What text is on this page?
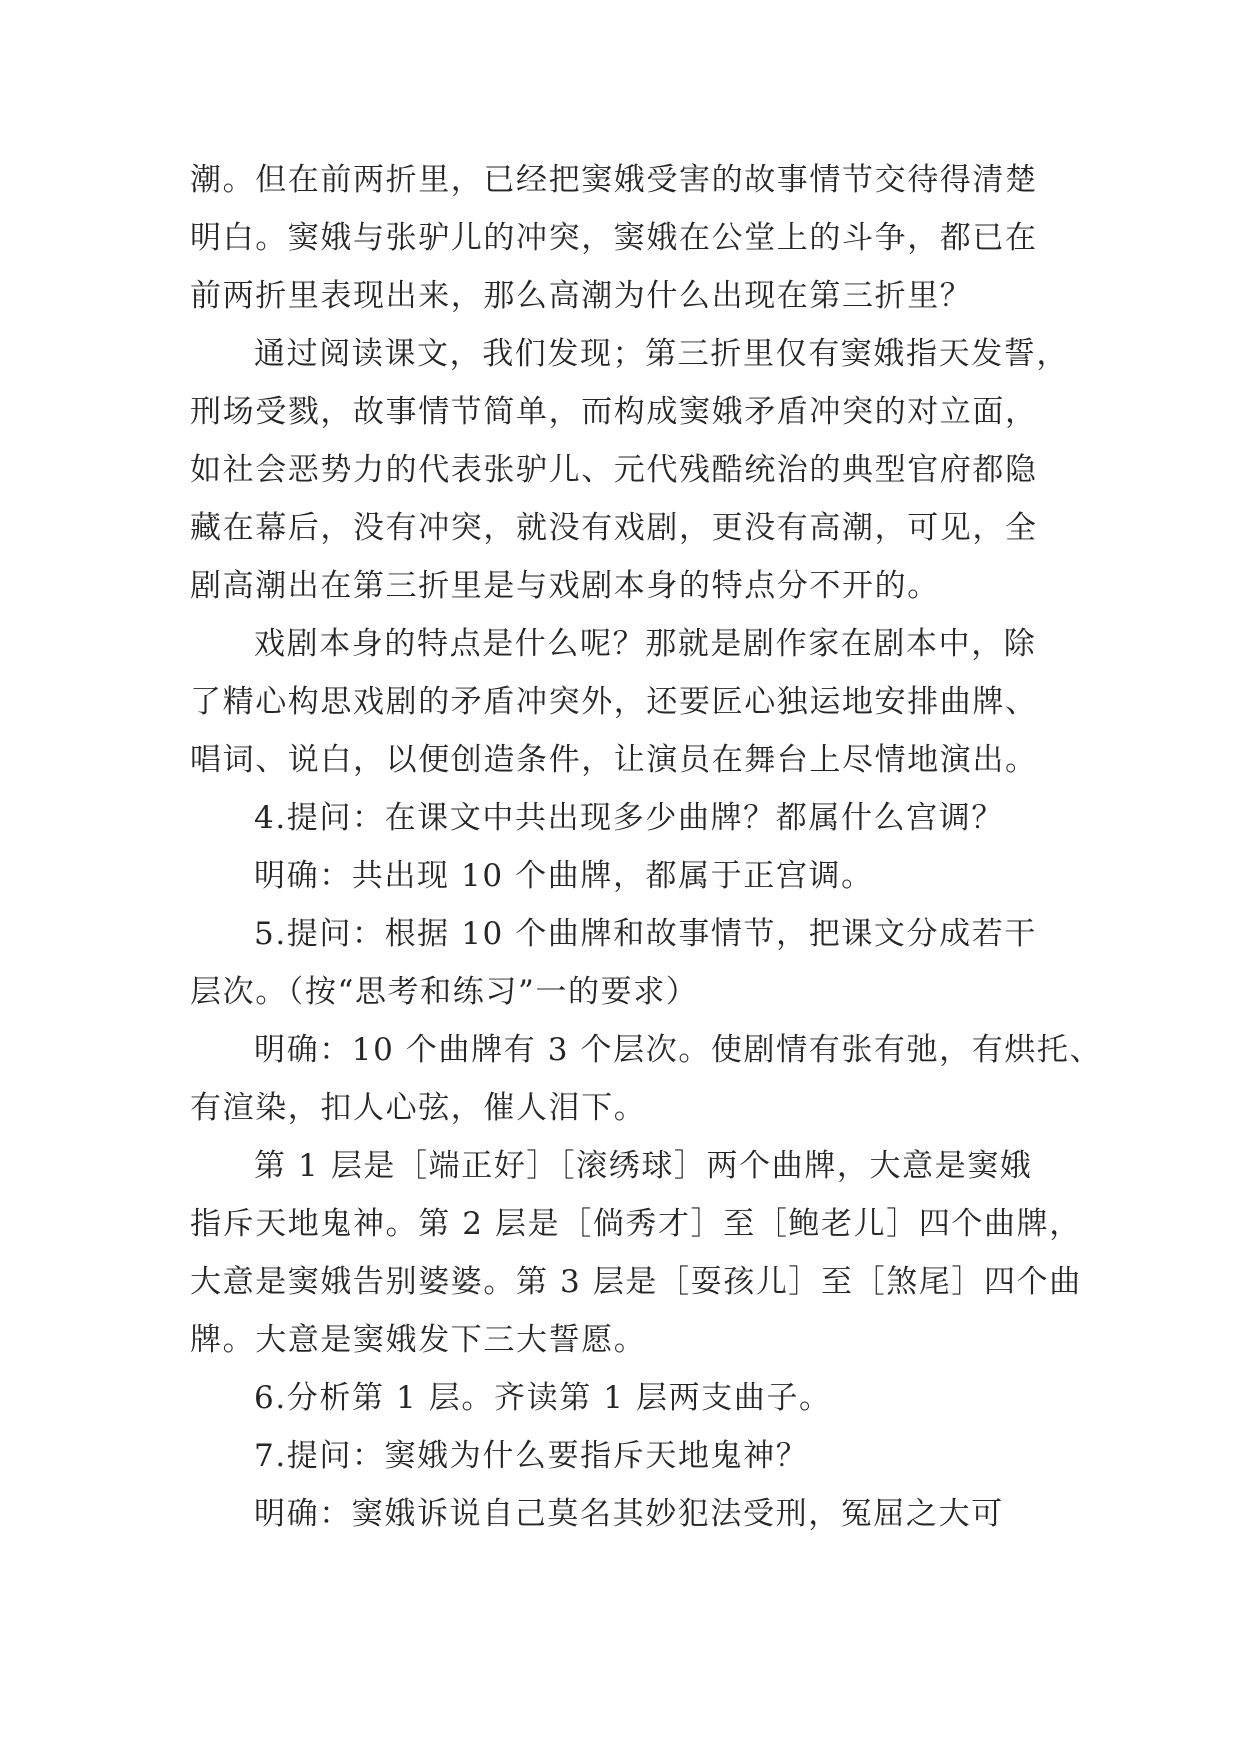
潮。但在前两折里，已经把窦娥受害的故事情节交待得清楚
明白。窦娥与张驴儿的冲突，窦娥在公堂上的斗争，都已在
前两折里表现出来，那么高潮为什么出现在第三折里？
通过阅读课文，我们发现；第三折里仅有窦娥指天发誓，
刑场受戮，故事情节简单，而构成窦娥矛盾冲突的对立面，
如社会恶势力的代表张驴儿、元代残酷统治的典型官府都隐
藏在幕后，没有冲突，就没有戏剧，更没有高潮，可见，全
剧高潮出在第三折里是与戏剧本身的特点分不开的。
戏剧本身的特点是什么呢？那就是剧作家在剧本中，除
了精心构思戏剧的矛盾冲突外，还要匠心独运地安排曲牌、
唱词、说白，以便创造条件，让演员在舞台上尽情地演出。
4.提问：在课文中共出现多少曲牌？都属什么宫调？
明确：共出现 10 个曲牌，都属于正宫调。
5.提问：根据 10 个曲牌和故事情节，把课文分成若干
层次。（按“思考和练习”一的要求）
明确：10 个曲牌有 3 个层次。使剧情有张有弛，有烘托、
有渲染，扣人心弦，催人泪下。
第 1 层是［端正好］［滚绣球］两个曲牌，大意是窦娥
指斥天地鬼神。第 2 层是［倘秀才］至［鲍老儿］四个曲牌，
大意是窦娥告别婆婆。第 3 层是［耍孩儿］至［煞尾］四个曲
牌。大意是窦娥发下三大誓愿。
6.分析第 1 层。齐读第 1 层两支曲子。
7.提问：窦娥为什么要指斥天地鬼神？
明确：窦娥诉说自己莫名其妙犯法受刑，冤屈之大可
